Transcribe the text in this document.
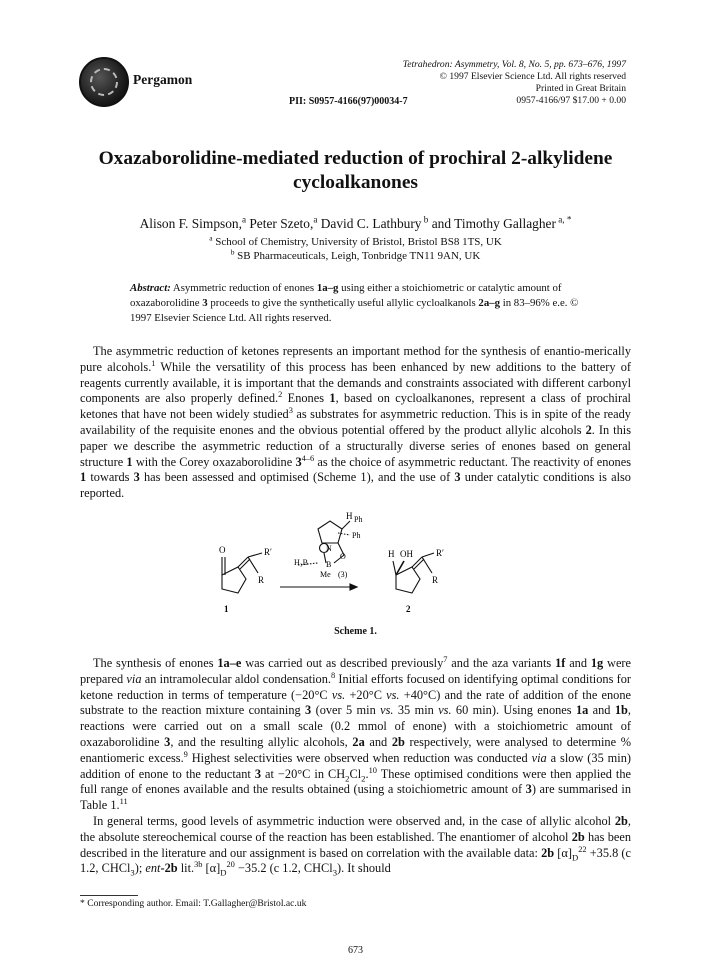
Pergamon
PII: S0957-4166(97)00034-7
Tetrahedron: Asymmetry, Vol. 8, No. 5, pp. 673–676, 1997
© 1997 Elsevier Science Ltd. All rights reserved
Printed in Great Britain
0957-4166/97 $17.00 + 0.00
Oxazaborolidine-mediated reduction of prochiral 2-alkylidene
cycloalkanones
Alison F. Simpson,$^a$ Peter Szeto,$^a$ David C. Lathbury $^b$ and Timothy Gallagher $^{a, *}$
$^a$ School of Chemistry, University of Bristol, Bristol BS8 1TS, UK
$^b$ SB Pharmaceuticals, Leigh, Tonbridge TN11 9AN, UK
Abstract: Asymmetric reduction of enones 1a–g using either a stoichiometric or catalytic amount of oxazaborolidine 3 proceeds to give the synthetically useful allylic cycloalkanols 2a–g in 83–96% e.e. © 1997 Elsevier Science Ltd. All rights reserved.

The asymmetric reduction of ketones represents an important method for the synthesis of enantio-merically pure alcohols.$^1$ While the versatility of this process has been enhanced by new additions to the battery of reagents currently available, it is important that the demands and constraints associated with different carbonyl components are also properly defined.$^2$ Enones 1, based on cycloalkanones, represent a class of prochiral ketones that have not been widely studied$^3$ as substrates for asymmetric reduction. This is in spite of the ready availability of the requisite enones and the obvious potential offered by the product allylic alcohols 2. In this paper we describe the asymmetric reduction of a structurally diverse series of enones based on general structure 1 with the Corey oxazaborolidine 3$^{4-6}$ as the choice of asymmetric reductant. The reactivity of enones 1 towards 3 has been assessed and optimised (Scheme 1), and the use of 3 under catalytic conditions is also reported.

H Ph
Ph
N
H₃B B
O
Me (3)
O	R′
R
1
H OH	R′
R
2
Scheme 1.

The synthesis of enones 1a–e was carried out as described previously$^7$ and the aza variants 1f and 1g were prepared via an intramolecular aldol condensation.$^8$ Initial efforts focused on identifying optimal conditions for ketone reduction in terms of temperature (−20°C vs. +20°C vs. +40°C) and the rate of addition of the enone substrate to the reaction mixture containing 3 (over 5 min vs. 35 min vs. 60 min). Using enones 1a and 1b, reactions were carried out on a small scale (0.2 mmol of enone) with a stoichiometric amount of oxazaborolidine 3, and the resulting allylic alcohols, 2a and 2b respectively, were analysed to determine % enantiomeric excess.$^9$ Highest selectivities were observed when reduction was conducted via a slow (35 min) addition of enone to the reductant 3 at −20°C in $CH_2Cl_2.^{10}$ These optimised conditions were then applied the full range of enones available and the results obtained (using a stoichiometric amount of 3) are summarised in Table 1.11

In general terms, good levels of asymmetric induction were observed and, in the case of allylic alcohol 2b, the absolute stereochemical course of the reaction has been established. The enantiomer of alcohol 2b has been described in the literature and our assignment is based on correlation with the available data: 2b $[\alpha]_D^{22} +35.8$ (c 1.2, CHCl$_3$); ent-2b lit.$^{3b}$ $[\alpha]_D^{20} -35.2$ (c 1.2, CHCl$_3$). It should

* Corresponding author. Email: T.Gallagher@Bristol.ac.uk
673
